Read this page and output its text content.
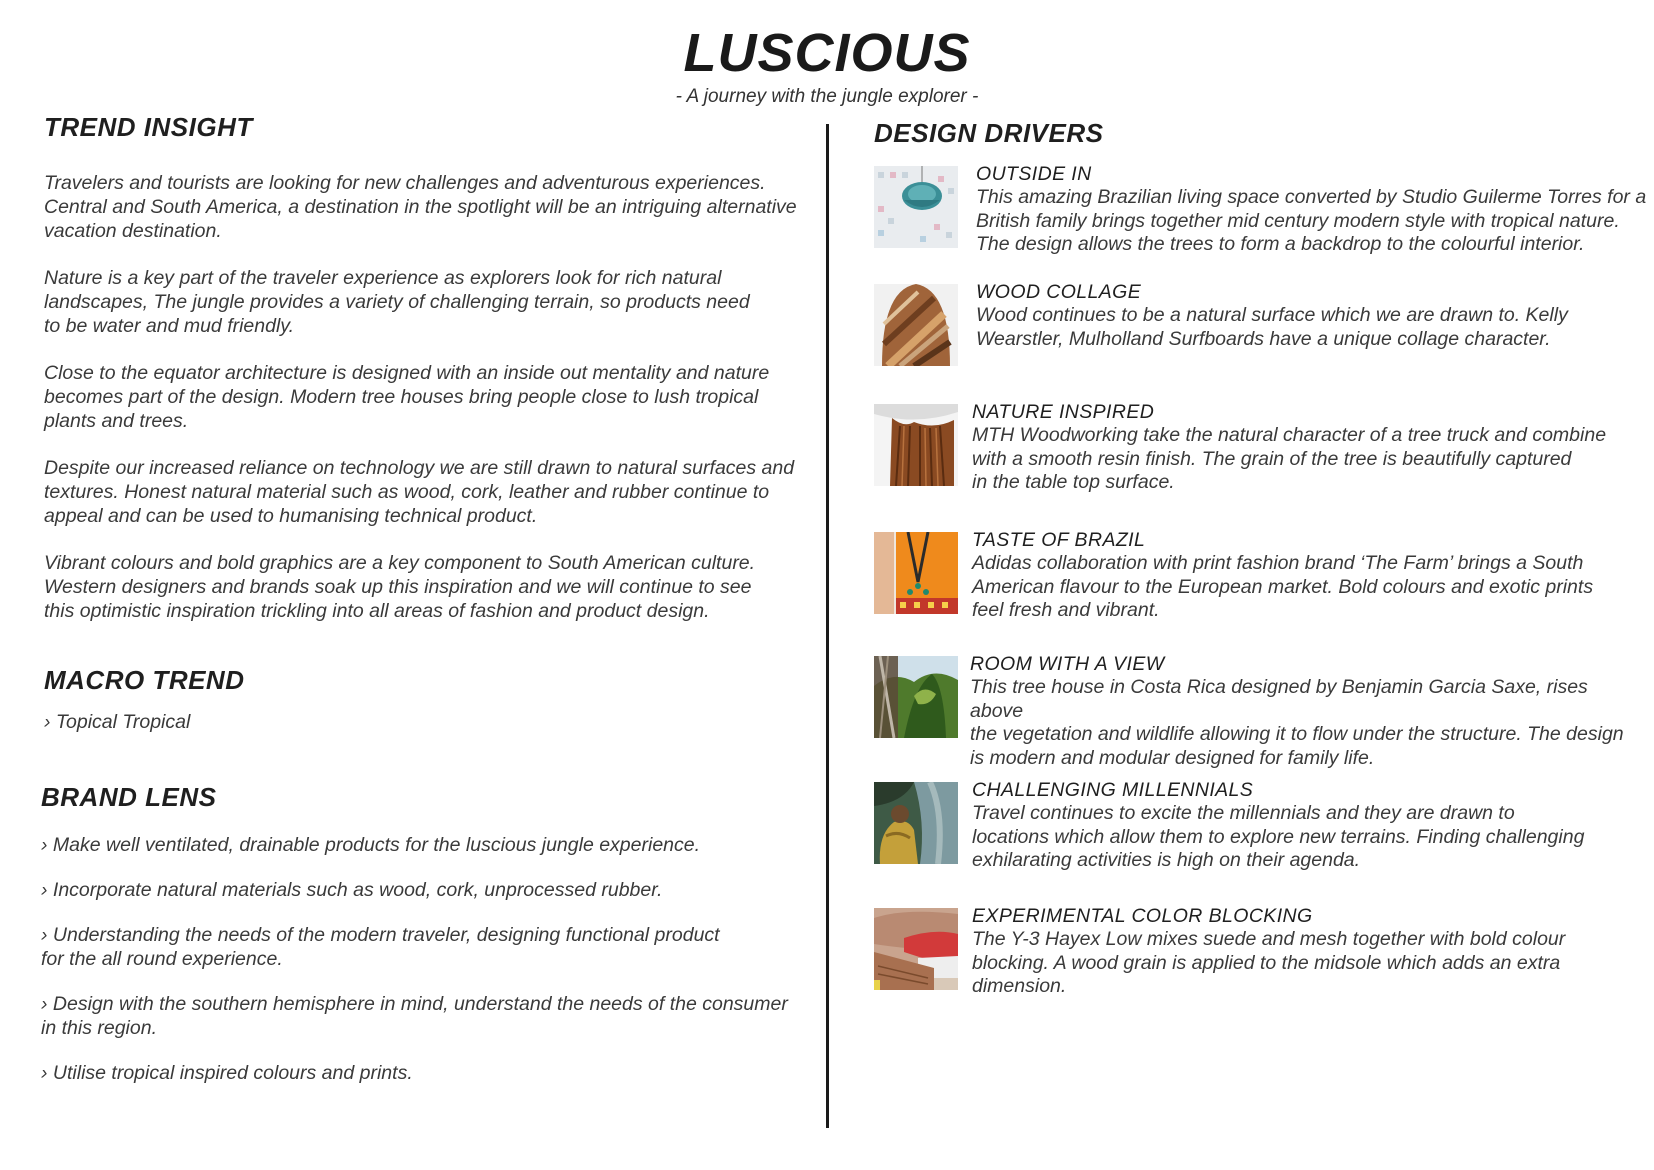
LUSCIOUS
- A journey with the jungle explorer -
TREND INSIGHT

Travelers and tourists are looking for new challenges and adventurous experiences.
Central and South America, a destination in the spotlight will be an intriguing alternative
vacation destination.

Nature is a key part of the traveler experience as explorers look for rich natural
landscapes, The jungle provides a variety of challenging terrain, so products need
to be water and mud friendly.

Close to the equator architecture is designed with an inside out mentality and nature
becomes part of the design. Modern tree houses bring people close to lush tropical
plants and trees.

Despite our increased reliance on technology we are still drawn to natural surfaces and
textures. Honest natural material such as wood, cork, leather and rubber continue to
appeal and can be used to humanising technical product.

Vibrant colours and bold graphics are a key component to South American culture.
Western designers and brands soak up this inspiration and we will continue to see
this optimistic inspiration trickling into all areas of fashion and product design.

MACRO TREND

› Topical Tropical

BRAND LENS

› Make well ventilated, drainable products for the luscious jungle experience.

› Incorporate natural materials such as wood, cork, unprocessed rubber.

› Understanding the needs of the modern traveler, designing functional product
for the all round experience.

› Design with the southern hemisphere in mind, understand the needs of the consumer
in this region.

› Utilise tropical inspired colours and prints.

DESIGN DRIVERS
OUTSIDE IN
This amazing Brazilian living space converted by Studio Guilerme Torres for a
British family brings together mid century modern style with tropical nature.
The design allows the trees to form a backdrop to the colourful interior.
WOOD COLLAGE
Wood continues to be a natural surface which we are drawn to. Kelly
Wearstler, Mulholland Surfboards have a unique collage character.
NATURE INSPIRED
MTH Woodworking take the natural character of a tree truck and combine
with a smooth resin finish. The grain of the tree is beautifully captured
in the table top surface.
TASTE OF BRAZIL
Adidas collaboration with print fashion brand ‘The Farm’ brings a South
American flavour to the European market. Bold colours and exotic prints
feel fresh and vibrant.
ROOM WITH A VIEW
This tree house in Costa Rica designed by Benjamin Garcia Saxe, rises above
the vegetation and wildlife allowing it to flow under the structure. The design
is modern and modular designed for family life.
CHALLENGING MILLENNIALS
Travel continues to excite the millennials and they are drawn to
locations which allow them to explore new terrains. Finding challenging
exhilarating activities is high on their agenda.
EXPERIMENTAL COLOR BLOCKING
The Y-3 Hayex Low mixes suede and mesh together with bold colour
blocking. A wood grain is applied to the midsole which adds an extra
dimension.
